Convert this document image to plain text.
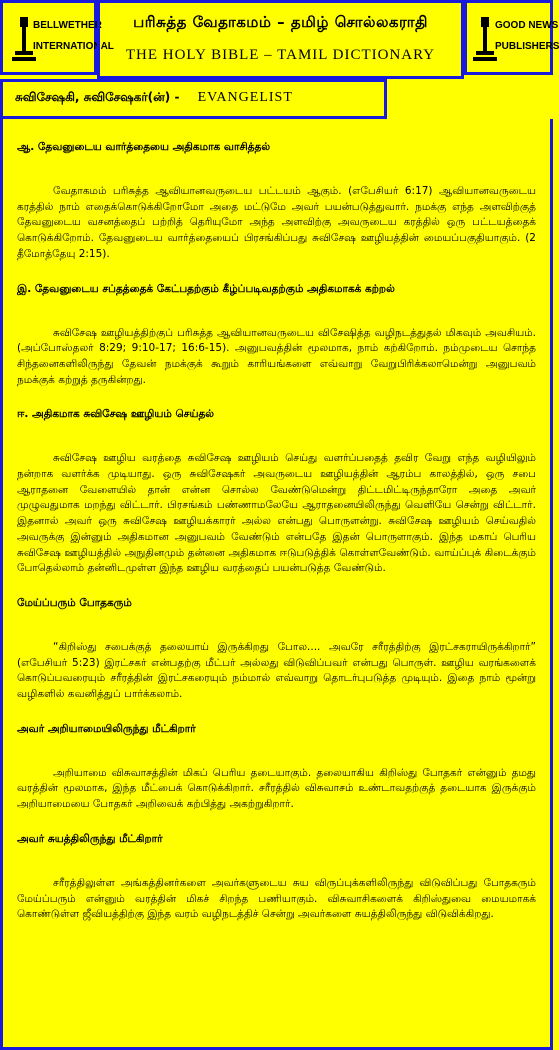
BELLWETHER
INTERNATIONAL
பரிசுத்த வேதாகமம் – தமிழ் சொல்லகராதி
THE HOLY BIBLE – TAMIL DICTIONARY
GOOD NEWS
PUBLISHERS
சுவிசேஷகி, சுவிசேஷகர்(ன்) - EVANGELIST
ஆ. தேவனுடைய வார்த்தையை அதிகமாக வாசித்தல்

வேதாகமம் பரிசுத்த ஆவியானவருடைய பட்டயம் ஆகும். (எபேசியர் 6:17) ஆவியானவருடைய கரத்தில் நாம் எதைக்கொடுக்கிறோமோ அதை மட்டுமே அவர் பயன்படுத்துவார். நமக்கு எந்த அளவிற்குத் தேவனுடைய வசனத்தைப் பற்றித் தெரியுமோ அந்த அளவிற்கு அவருடைய கரத்தில் ஒரு பட்டயத்தைக் கொடுக்கிறோம். தேவனுடைய வார்த்தையைப் பிரசங்கிப்பது சுவிசேஷ ஊழியத்தின் மையப்பகுதியாகும். (2 தீமோத்தேயு 2:15).

இ. தேவனுடைய சப்தத்தைக் கேட்பதற்கும் கீழ்ப்படிவதற்கும் அதிகமாகக் கற்றல்

சுவிசேஷ ஊழியத்திற்குப் பரிசுத்த ஆவியானவருடைய விசேஷித்த வழிநடத்துதல் மிகவும் அவசியம். (அப்போஸ்தலர் 8:29; 9:10-17; 16:6-15). அனுபவத்தின் மூலமாக, நாம் கற்கிறோம். நம்முடைய சொந்த சிந்தனைகளிலிருந்து தேவன் நமக்குக் கூறும் காரியங்களை எவ்வாறு வேறுபிரிக்கலாமென்று அனுபவம் நமக்குக் கற்றுத் தருகின்றது.

ஈ. அதிகமாக சுவிசேஷ ஊழியம் செய்தல்

சுவிசேஷ ஊழிய வரத்தை சுவிசேஷ ஊழியம் செய்து வளர்ப்பதைத் தவிர வேறு எந்த வழியிலும் நன்றாக வளர்க்க முடியாது. ஒரு சுவிசேஷகர் அவருடைய ஊழியத்தின் ஆரம்ப காலத்தில், ஒரு சபை ஆராதனை வேளையில் தான் என்ன சொல்ல வேண்டுமென்று திட்டமிட்டிருந்தாரோ அதை அவர் முழுவதுமாக மறந்து விட்டார். பிரசங்கம் பண்ணாமலேயே ஆராதனையிலிருந்து வெளியே சென்று விட்டார். இதனால் அவர் ஒரு சுவிசேஷ ஊழியக்காரர் அல்ல என்பது பொருளன்று. சுவிசேஷ ஊழியம் செய்வதில் அவருக்கு இன்னும் அதிகமான அனுபவம் வேண்டும் என்பதே இதன் பொருளாகும். இந்த மகாப் பெரிய சுவிசேஷ ஊழியத்தில் அநுதினமும் தன்னை அதிகமாக ஈடுபடுத்திக் கொள்ளவேண்டும். வாய்ப்புக் கிடைக்கும் போதெல்லாம் தன்னிடமுள்ள இந்த ஊழிய வரத்தைப் பயன்படுத்த வேண்டும்.

மேய்ப்பரும் போதகரும்

“கிறிஸ்து சபைக்குத் தலையாய் இருக்கிறது போல.... அவரே சரீரத்திற்கு இரட்சகராயிருக்கிறார்” (எபேசியர் 5:23) இரட்சகர் என்பதற்கு மீட்பர் அல்லது விடுவிப்பவர் என்பது பொருள். ஊழிய வரங்களைக் கொடுப்பவரையும் சரீரத்தின் இரட்சகரையும் நம்மால் எவ்வாறு தொடர்புபடுத்த முடியும். இதை நாம் மூன்று வழிகளில் கவனித்துப் பார்க்கலாம்.

அவர் அறியாமையிலிருந்து மீட்கிறார்

அறியாமை விசுவாசத்தின் மிகப் பெரிய தடையாகும். தலையாகிய கிறிஸ்து போதகர் என்னும் தமது வரத்தின் மூலமாக, இந்த மீட்பைக் கொடுக்கிறார். சரீரத்தில் விசுவாசம் உண்டாவதற்குத் தடையாக இருக்கும் அறியாமையை போதகர் அறிவைக் கற்பித்து அகற்றுகிறார்.

அவர் சுயத்திலிருந்து மீட்கிறார்

சரீரத்திலுள்ள அங்கத்தினர்களை அவர்களுடைய சுய விருப்புக்களிலிருந்து விடுவிப்பது போதகரும் மேய்ப்பரும் என்னும் வரத்தின் மிகச் சிறந்த பணியாகும். விசுவாசிகளைக் கிறிஸ்துவை மையமாகக் கொண்டுள்ள ஜீவியத்திற்கு இந்த வரம் வழிநடத்திச் சென்று அவர்களை சுயத்திலிருந்து விடுவிக்கிறது.
